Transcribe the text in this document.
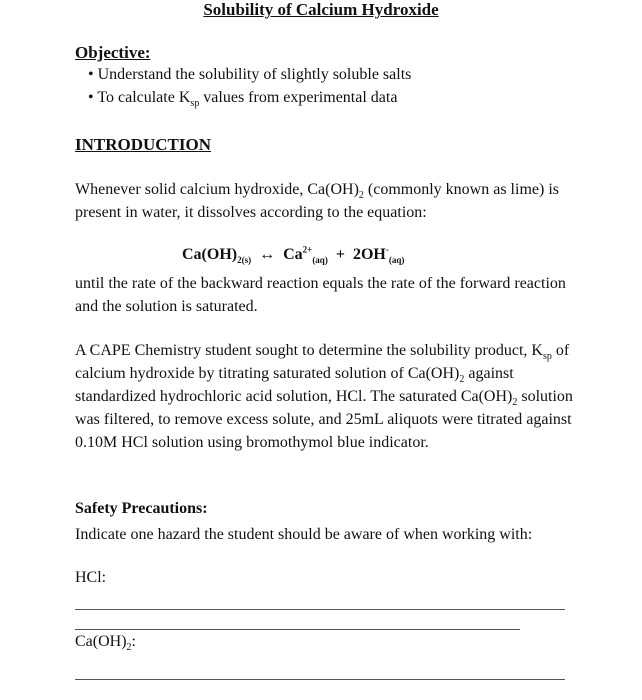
Solubility of Calcium Hydroxide
Objective:
• Understand the solubility of slightly soluble salts
• To calculate $K_{sp}$ values from experimental data
INTRODUCTION
Whenever solid calcium hydroxide, $Ca(OH)_2$ (commonly known as lime) is present in water, it dissolves according to the equation:
$Ca(OH)_{2(s)}$ ↔ $Ca^{2+}_{(aq)} + 2OH^-_{(aq)}$
until the rate of the backward reaction equals the rate of the forward reaction and the solution is saturated.
A CAPE Chemistry student sought to determine the solubility product, $K_{sp}$ of calcium hydroxide by titrating saturated solution of $Ca(OH)_2$ against standardized hydrochloric acid solution, HCl. The saturated $Ca(OH)_2$ solution was filtered, to remove excess solute, and 25mL aliquots were titrated against 0.10M HCl solution using bromothymol blue indicator.
Safety Precautions:
Indicate one hazard the student should be aware of when working with:
HCl:
$Ca(OH)_2$:
